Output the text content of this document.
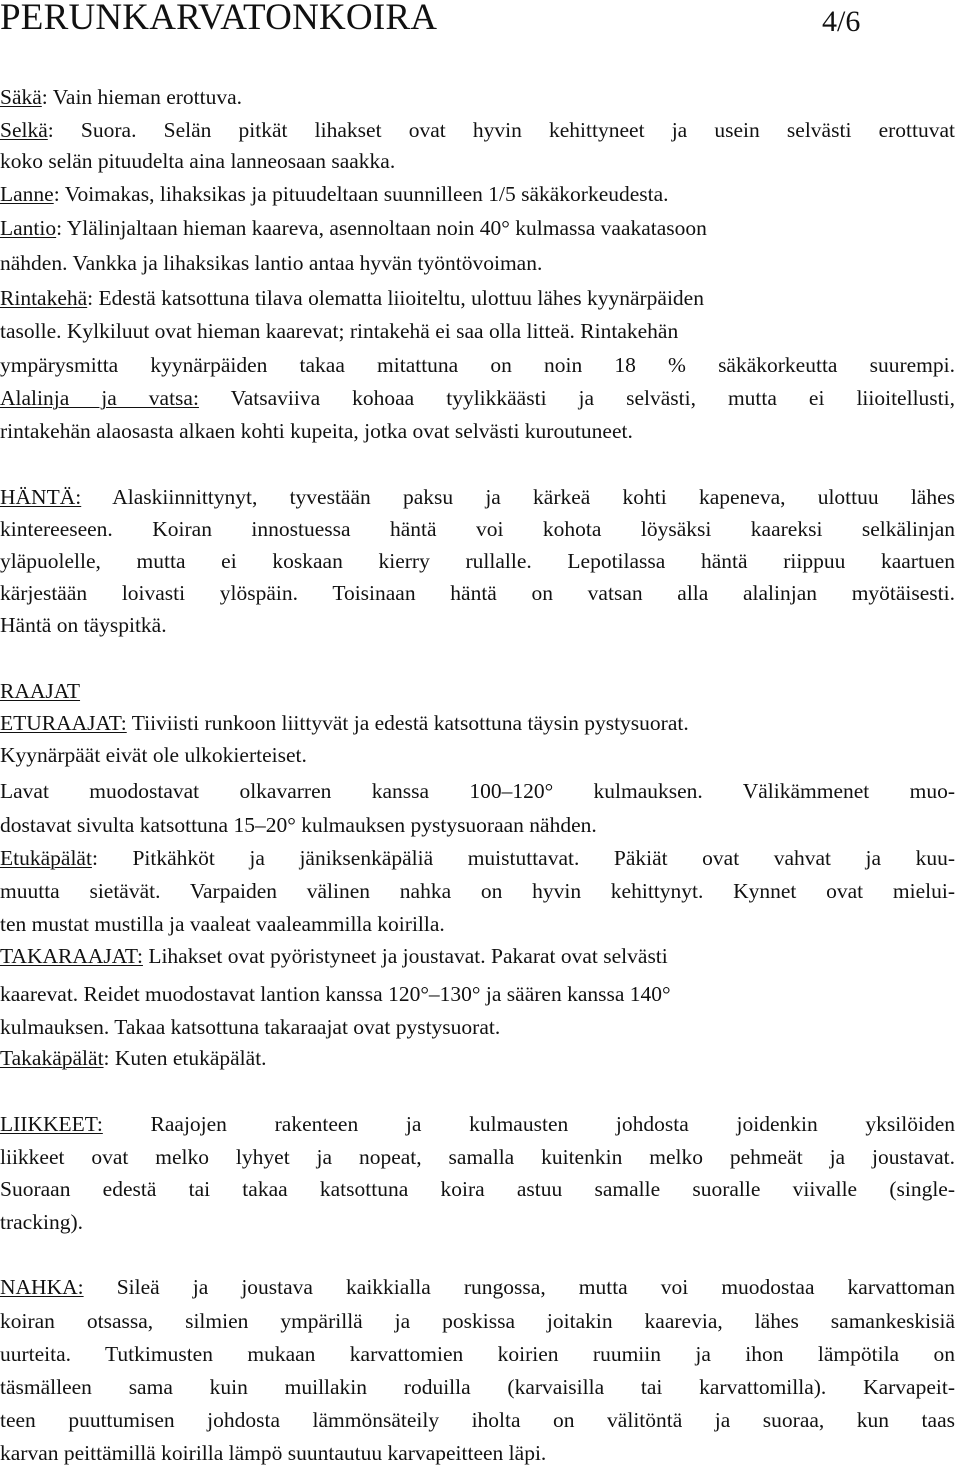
PERUNKARVATONKOIRA	4/6
Säkä: Vain hieman erottuva.
Selkä: Suora. Selän pitkät lihakset ovat hyvin kehittyneet ja usein selvästi erottuvat
koko selän pituudelta aina lanneosaan saakka.
Lanne: Voimakas, lihaksikas ja pituudeltaan suunnilleen 1/5 säkäkorkeudesta.
Lantio: Ylälinjaltaan hieman kaareva, asennoltaan noin 40° kulmassa vaakatasoon
nähden. Vankka ja lihaksikas lantio antaa hyvän työntövoiman.
Rintakehä: Edestä katsottuna tilava olematta liioiteltu, ulottuu lähes kyynärpäiden
tasolle. Kylkiluut ovat hieman kaarevat; rintakehä ei saa olla litteä. Rintakehän
ympärysmitta kyynärpäiden takaa mitattuna on noin 18 % säkäkorkeutta suurempi.
Alalinja ja vatsa: Vatsaviiva kohoaa tyylikkäästi ja selvästi, mutta ei liioitellusti,
rintakehän alaosasta alkaen kohti kupeita, jotka ovat selvästi kuroutuneet.
HÄNTÄ: Alaskiinnittynyt, tyvestään paksu ja kärkeä kohti kapeneva, ulottuu lähes
kintereeseen. Koiran innostuessa häntä voi kohota löysäksi kaareksi selkälinjan
yläpuolelle, mutta ei koskaan kierry rullalle. Lepotilassa häntä riippuu kaartuen
kärjestään loivasti ylöspäin. Toisinaan häntä on vatsan alla alalinjan myötäisesti.
Häntä on täyspitkä.
RAAJAT
ETURAAJAT: Tiiviisti runkoon liittyvät ja edestä katsottuna täysin pystysuorat.
Kyynärpäät eivät ole ulkokierteiset.
Lavat muodostavat olkavarren kanssa 100–120° kulmauksen. Välikämmenet muo-
dostavat sivulta katsottuna 15–20° kulmauksen pystysuoraan nähden.
Etukäpälät: Pitkähköt ja jäniksenkäpäliä muistuttavat. Päkiät ovat vahvat ja kuu-
muutta sietävät. Varpaiden välinen nahka on hyvin kehittynyt. Kynnet ovat mielui-
ten mustat mustilla ja vaaleat vaaleammilla koirilla.
TAKARAAJAT: Lihakset ovat pyöristyneet ja joustavat. Pakarat ovat selvästi
kaarevat. Reidet muodostavat lantion kanssa 120°–130° ja säären kanssa 140°
kulmauksen. Takaa katsottuna takaraajat ovat pystysuorat.
Takakäpälät: Kuten etukäpälät.
LIIKKEET: Raajojen rakenteen ja kulmausten johdosta joidenkin yksilöiden
liikkeet ovat melko lyhyet ja nopeat, samalla kuitenkin melko pehmeät ja joustavat.
Suoraan edestä tai takaa katsottuna koira astuu samalle suoralle viivalle (single-
tracking).
NAHKA: Sileä ja joustava kaikkialla rungossa, mutta voi muodostaa karvattoman
koiran otsassa, silmien ympärillä ja poskissa joitakin kaarevia, lähes samankeskisiä
uurteita. Tutkimusten mukaan karvattomien koirien ruumiin ja ihon lämpötila on
täsmälleen sama kuin muillakin roduilla (karvaisilla tai karvattomilla). Karvapeit-
teen puuttumisen johdosta lämmönsäteily iholta on välitöntä ja suoraa, kun taas
karvan peittämillä koirilla lämpö suuntautuu karvapeitteen läpi.
